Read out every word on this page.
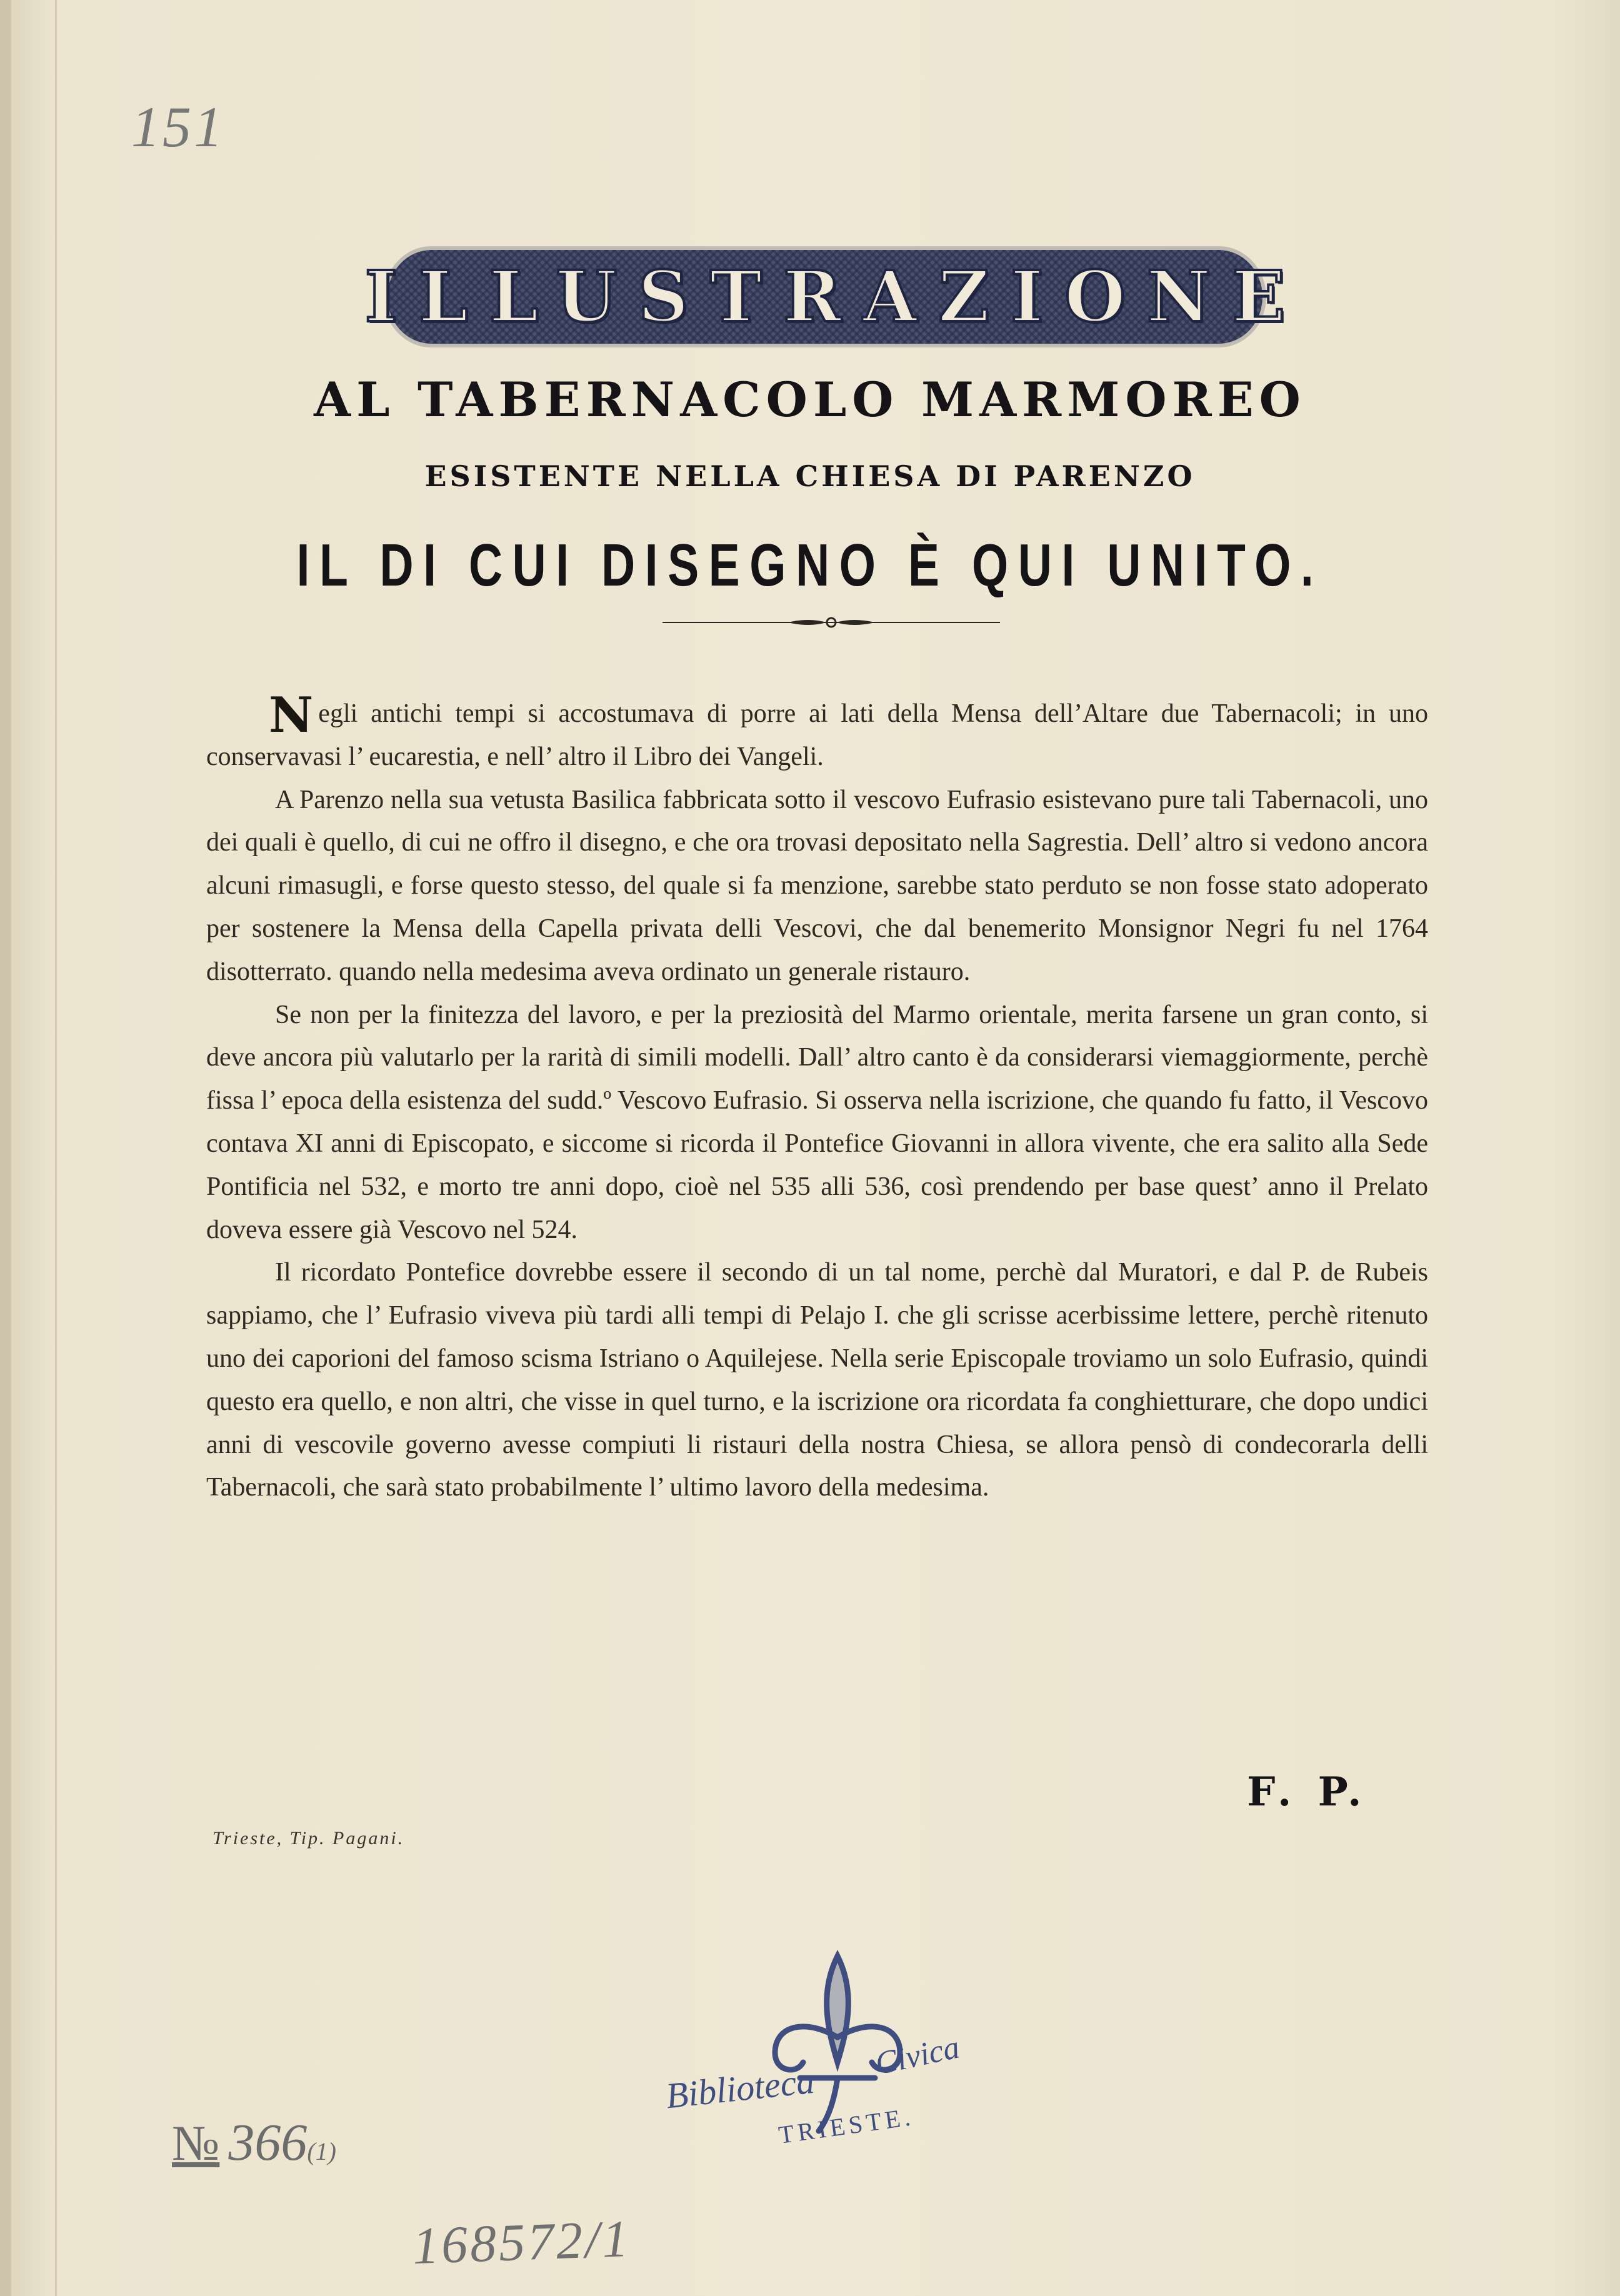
151
ILLUSTRAZIONE
AL TABERNACOLO MARMOREO
ESISTENTE NELLA CHIESA DI PARENZO
IL DI CUI DISEGNO È QUI UNITO.

Negli antichi tempi si accostumava di porre ai lati della Mensa dell’Altare due Tabernacoli; in uno conservavasi l’ eucarestia, e nell’ altro il Libro dei Vangeli.

A Parenzo nella sua vetusta Basilica fabbricata sotto il vescovo Eufrasio esistevano pure tali Tabernacoli, uno dei quali è quello, di cui ne offro il disegno, e che ora trovasi depositato nella Sagrestia. Dell’ altro si vedono ancora alcuni rimasugli, e forse questo stesso, del quale si fa menzione, sarebbe stato perduto se non fosse stato adoperato per sostenere la Mensa della Capella privata delli Vescovi, che dal benemerito Monsignor Negri fu nel 1764 disotterrato. quando nella medesima aveva ordinato un generale ristauro.

Se non per la finitezza del lavoro, e per la preziosità del Marmo orientale, merita farsene un gran conto, si deve ancora più valutarlo per la rarità di simili modelli. Dall’ altro canto è da considerarsi viemaggiormente, perchè fissa l’ epoca della esistenza del sudd.º Vescovo Eufrasio. Si osserva nella iscrizione, che quando fu fatto, il Vescovo contava XI anni di Episcopato, e siccome si ricorda il Pontefice Giovanni in allora vivente, che era salito alla Sede Pontificia nel 532, e morto tre anni dopo, cioè nel 535 alli 536, così prendendo per base quest’ anno il Prelato doveva essere già Vescovo nel 524.

Il ricordato Pontefice dovrebbe essere il secondo di un tal nome, perchè dal Muratori, e dal P. de Rubeis sappiamo, che l’ Eufrasio viveva più tardi alli tempi di Pelajo I. che gli scrisse acerbissime lettere, perchè ritenuto uno dei caporioni del famoso scisma Istriano o Aquilejese. Nella serie Episcopale troviamo un solo Eufrasio, quindi questo era quello, e non altri, che visse in quel turno, e la iscrizione ora ricordata fa conghietturare, che dopo undici anni di vescovile governo avesse compiuti li ristauri della nostra Chiesa, se allora pensò di condecorarla delli Tabernacoli, che sarà stato probabilmente l’ ultimo lavoro della medesima.

F. P.
Trieste, Tip. Pagani.
Biblioteca
Civica
TRIESTE.
№ 366(1)
168572/1
